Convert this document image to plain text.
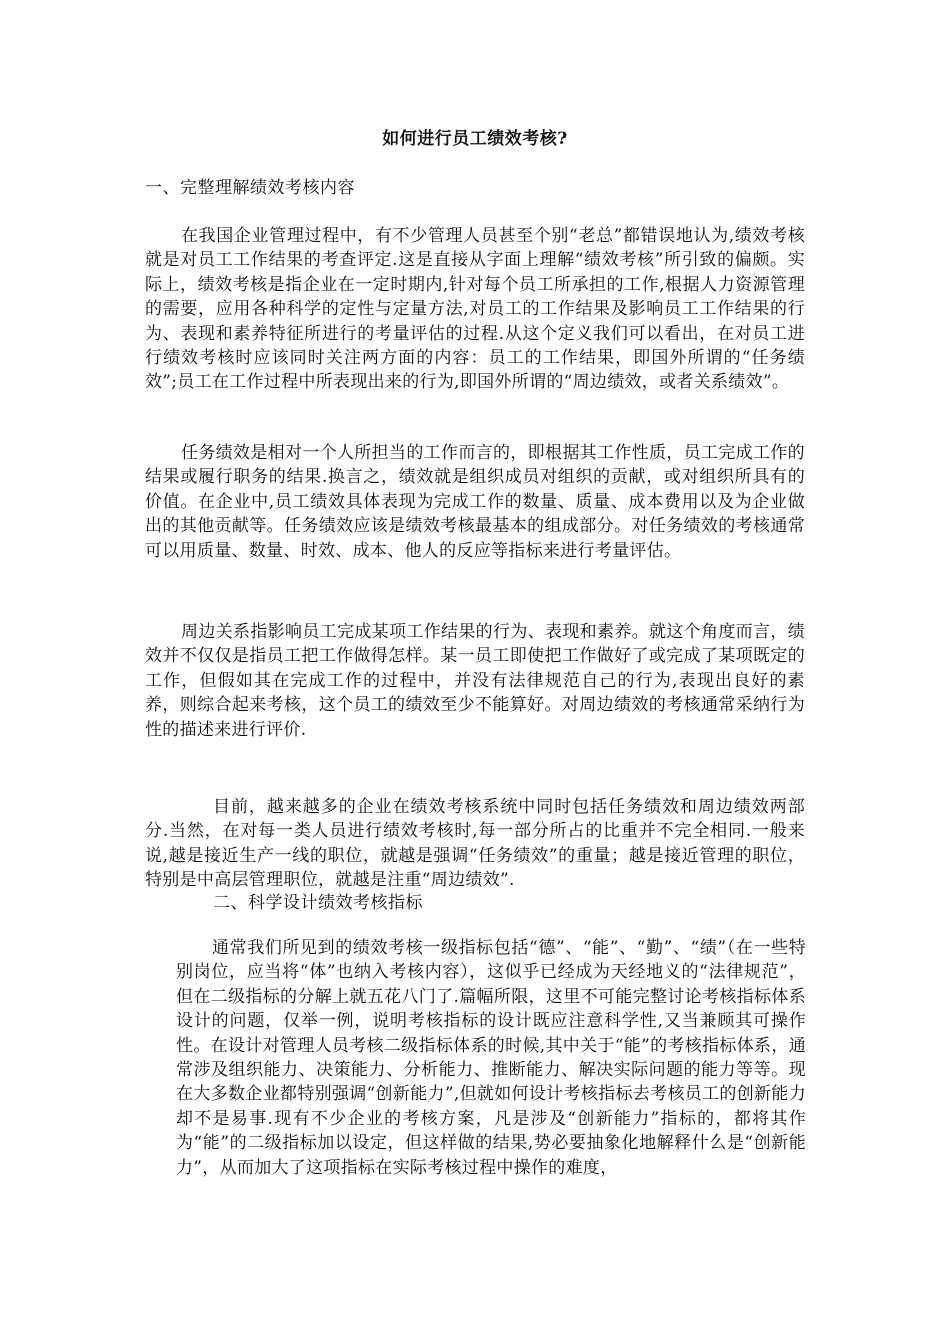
如何进行员工绩效考核?
一、完整理解绩效考核内容

在我国企业管理过程中，有不少管理人员甚至个别“老总”都错误地认为,绩效考核就是对员工工作结果的考查评定.这是直接从字面上理解“绩效考核”所引致的偏颇。实际上，绩效考核是指企业在一定时期内,针对每个员工所承担的工作,根据人力资源管理的需要，应用各种科学的定性与定量方法,对员工的工作结果及影响员工工作结果的行为、表现和素养特征所进行的考量评估的过程.从这个定义我们可以看出，在对员工进行绩效考核时应该同时关注两方面的内容：员工的工作结果，即国外所谓的“任务绩效”;员工在工作过程中所表现出来的行为,即国外所谓的“周边绩效，或者关系绩效”。

任务绩效是相对一个人所担当的工作而言的，即根据其工作性质，员工完成工作的结果或履行职务的结果.换言之，绩效就是组织成员对组织的贡献，或对组织所具有的价值。在企业中,员工绩效具体表现为完成工作的数量、质量、成本费用以及为企业做出的其他贡献等。任务绩效应该是绩效考核最基本的组成部分。对任务绩效的考核通常可以用质量、数量、时效、成本、他人的反应等指标来进行考量评估。

周边关系指影响员工完成某项工作结果的行为、表现和素养。就这个角度而言，绩效并不仅仅是指员工把工作做得怎样。某一员工即使把工作做好了或完成了某项既定的工作，但假如其在完成工作的过程中，并没有法律规范自己的行为,表现出良好的素养，则综合起来考核，这个员工的绩效至少不能算好。对周边绩效的考核通常采纳行为性的描述来进行评价.

目前，越来越多的企业在绩效考核系统中同时包括任务绩效和周边绩效两部分.当然，在对每一类人员进行绩效考核时,每一部分所占的比重并不完全相同.一般来说,越是接近生产一线的职位，就越是强调“任务绩效”的重量；越是接近管理的职位，特别是中高层管理职位，就越是注重“周边绩效”.

二、科学设计绩效考核指标

通常我们所见到的绩效考核一级指标包括“德”、“能”、“勤”、“绩”（在一些特别岗位，应当将“体”也纳入考核内容），这似乎已经成为天经地义的“法律规范”，但在二级指标的分解上就五花八门了.篇幅所限，这里不可能完整讨论考核指标体系设计的问题，仅举一例，说明考核指标的设计既应注意科学性,又当兼顾其可操作性。在设计对管理人员考核二级指标体系的时候,其中关于“能”的考核指标体系，通常涉及组织能力、决策能力、分析能力、推断能力、解决实际问题的能力等等。现在大多数企业都特别强调“创新能力”,但就如何设计考核指标去考核员工的创新能力却不是易事.现有不少企业的考核方案，凡是涉及“创新能力”指标的，都将其作为“能”的二级指标加以设定，但这样做的结果,势必要抽象化地解释什么是“创新能力”，从而加大了这项指标在实际考核过程中操作的难度，
